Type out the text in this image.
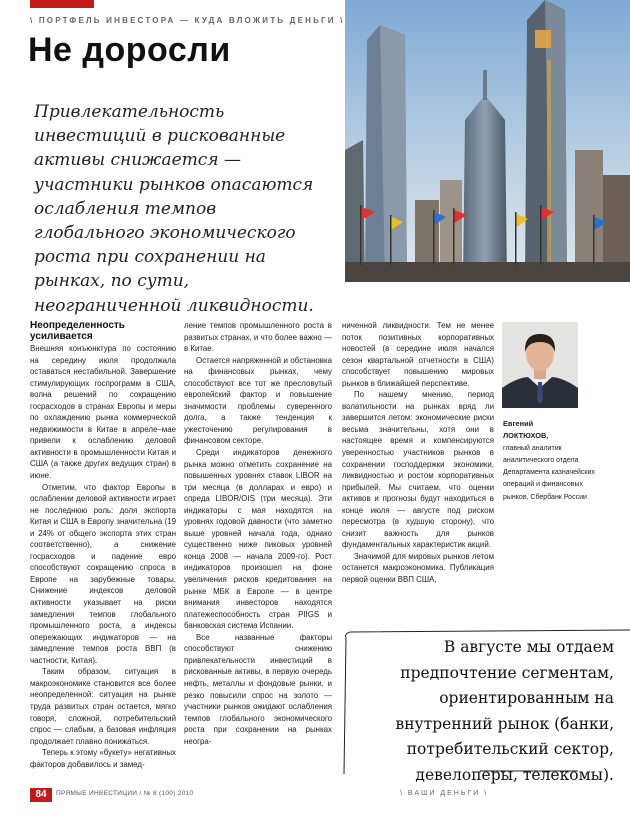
\ ПОРТФЕЛЬ ИНВЕСТОРА — КУДА ВЛОЖИТЬ ДЕНЬГИ \
Не доросли
Привлекательность инвестиций в рискованные активы снижается — участники рынков опасаются ослабления темпов глобального экономического роста при сохранении на рынках, по сути, неограниченной ликвидности.
Неопределенность усиливается

Внешняя конъюнктура по состоянию на середину июля продолжала оставаться нестабильной. Завершение стимулирующих госпрограмм в США, волна решений по сокращению госрасходов в странах Европы и меры по охлаждению рынка коммерческой недвижимости в Китае в апреле–мае привели к ослаблению деловой активности в промышленности Китая и США (а также других ведущих стран) в июне.

Отметим, что фактор Европы в ослаблении деловой активности играет не последнюю роль: доля экспорта Китая и США в Европу значительна (19 и 24% от общего экспорта этих стран соответственно), а снижение госрасходов и падение евро способствуют сокращению спроса в Европе на зарубежные товары. Снижение индексов деловой активности указывает на риски замедления темпов глобального промышленного роста, а индексы опережающих индикаторов — на замедление темпов роста ВВП (в частности, Китая).

Таким образом, ситуация в макроэкономике становится все более неопределенной: ситуация на рынке труда развитых стран остается, мягко говоря, сложной, потребительский спрос — слабым, а базовая инфляция продолжает плавно понижаться.

Теперь к этому «букету» негативных факторов добавилось и замед-

ление темпов промышленного роста в развитых странах, и что более важно — в Китае.

Остается напряженной и обстановка на финансовых рынках, чему способствуют все тот же пресловутый европейский фактор и повышение значимости проблемы суверенного долга, а также тенденция к ужесточению регулирования в финансовом секторе.

Среди индикаторов денежного рынка можно отметить сохранение на повышенных уровнях ставок LIBOR на три месяца (в долларах и евро) и спреда LIBOR/OIS (три месяца). Эти индикаторы с мая находятся на уровнях годовой давности (что заметно выше уровней начала года, однако существенно ниже пиковых уровней конца 2008 — начала 2009-го). Рост индикаторов произошел на фоне увеличения рисков кредитования на рынке МБК в Европе — в центре внимания инвесторов находятся платежеспособность стран PIIGS и банковская система Испании.

Все названные факторы способствуют снижению привлекательности инвестиций в рискованные активы, в первую очередь нефть, металлы и фондовые рынки, и резко повысили спрос на золото — участники рынков ожидают ослабления темпов глобального экономического роста при сохранении на рынках неогра-

ниченной ликвидности. Тем не менее поток позитивных корпоративных новостей (в середине июля начался сезон квартальной отчетности в США) способствует повышению мировых рынков в ближайшей перспективе.

По нашему мнению, период волатильности на рынках вряд ли завершится летом: экономические риски весьма значительны, хотя они в настоящее время и компенсируются уверенностью участников рынков в сохранении господдержки экономики, ликвидностью и ростом корпоративных прибылей. Мы считаем, что оценки активов и прогнозы будут находиться в конце июля — августе под риском пересмотра (в худшую сторону), что снизит важность для рынков фундаментальных характеристик акций.

Значимой для мировых рынков летом останется макроэкономика. Публикация первой оценки ВВП США,

Евгений
ЛОКТЮХОВ,
главный аналитик аналитического отдела Департамента казначейских операций и финансовых рынков, Сбербанк России
В августе мы отдаем предпочтение сегментам, ориентированным на внутренний рынок (банки, потребительский сектор, девелоперы, телекомы).
84	ПРЯМЫЕ ИНВЕСТИЦИИ / № 8 (100) 2010	\ ВАШИ ДЕНЬГИ \
